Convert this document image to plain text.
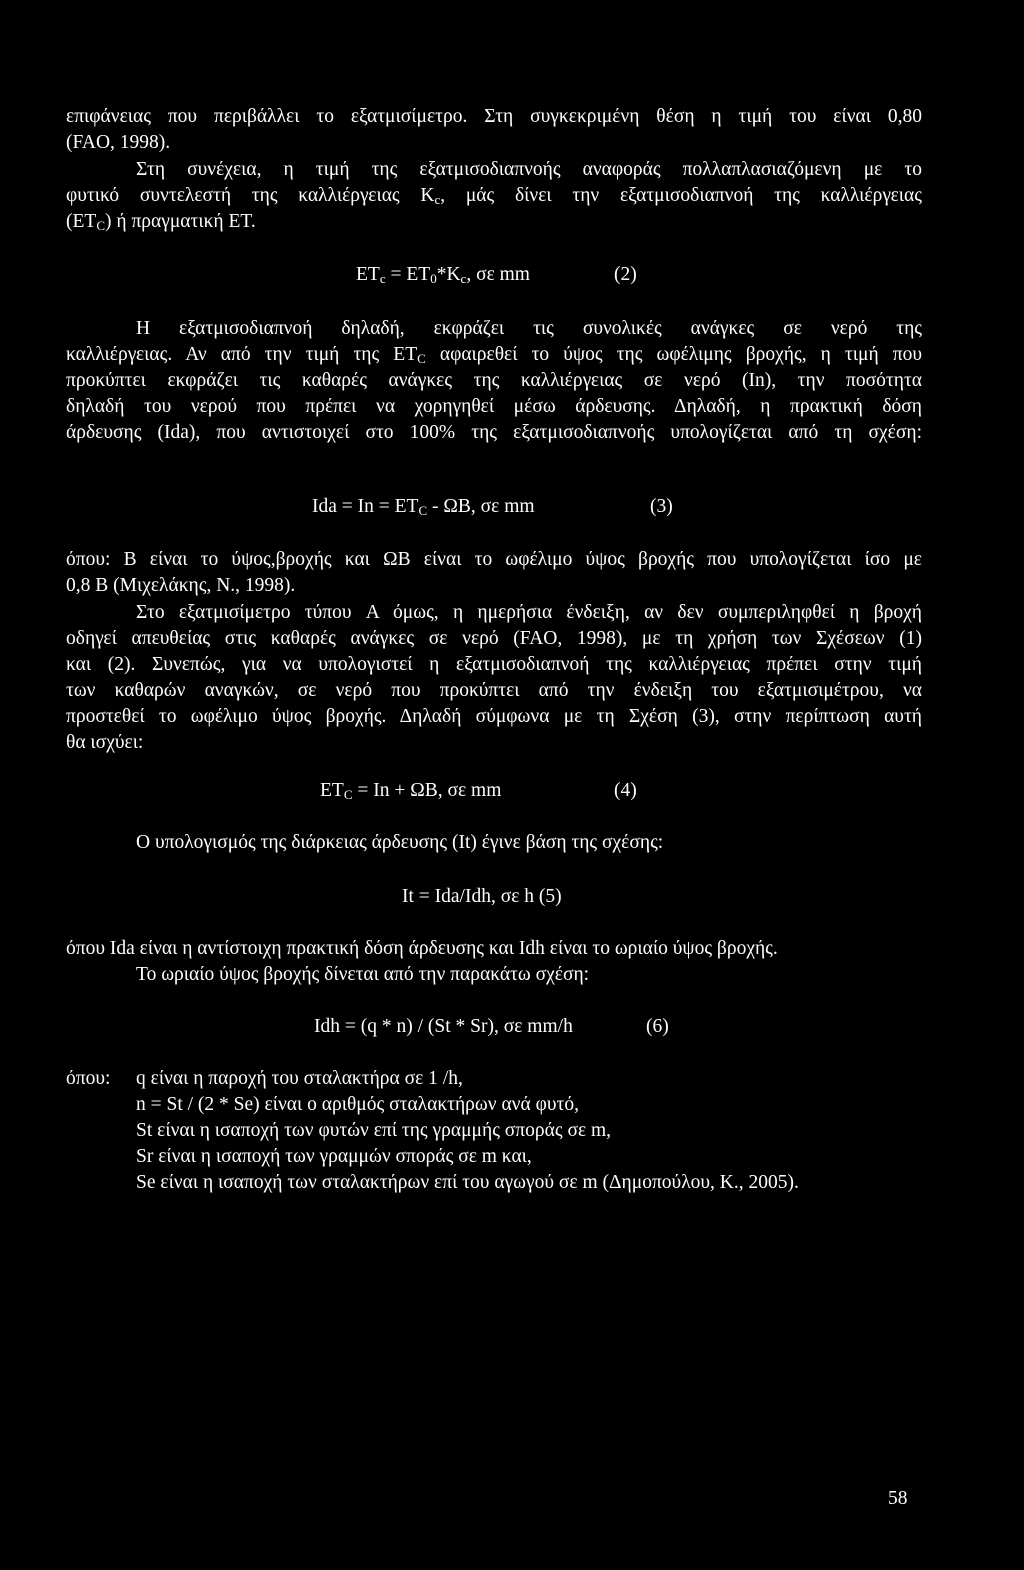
επιφάνειας που περιβάλλει το εξατμισίμετρο. Στη συγκεκριμένη θέση η τιμή του είναι 0,80
(FAO, 1998).
Στη συνέχεια, η τιμή της εξατμισοδιαπνοής αναφοράς πολλαπλασιαζόμενη με το
φυτικό συντελεστή της καλλιέργειας $K_c$, μάς δίνει την εξατμισοδιαπνοή της καλλιέργειας
$(ET_C)$ ή πραγματική ET.
$ET_c = ET_0*K_c$, σε mm	(2)
Η εξατμισοδιαπνοή δηλαδή, εκφράζει τις συνολικές ανάγκες σε νερό της
καλλιέργειας. Αν από την τιμή της $ET_C$ αφαιρεθεί το ύψος της ωφέλιμης βροχής, η τιμή που
προκύπτει εκφράζει τις καθαρές ανάγκες της καλλιέργειας σε νερό (In), την ποσότητα
δηλαδή του νερού που πρέπει να χορηγηθεί μέσω άρδευσης. Δηλαδή, η πρακτική δόση
άρδευσης (Ida), που αντιστοιχεί στο 100% της εξατμισοδιαπνοής υπολογίζεται από τη σχέση:
Ida = $In = ET_C - \Omega B$, σε mm	(3)
όπου: B είναι το ύψος,βροχής και ΩB είναι το ωφέλιμο ύψος βροχής που υπολογίζεται ίσο με
0,8 B (Μιχελάκης, Ν., 1998).
Στο εξατμισίμετρο τύπου A όμως, η ημερήσια ένδειξη, αν δεν συμπεριληφθεί η βροχή
οδηγεί απευθείας στις καθαρές ανάγκες σε νερό (FAO, 1998), με τη χρήση των Σχέσεων (1)
και (2). Συνεπώς, για να υπολογιστεί η εξατμισοδιαπνοή της καλλιέργειας πρέπει στην τιμή
των καθαρών αναγκών, σε νερό που προκύπτει από την ένδειξη του εξατμισιμέτρου, να
προστεθεί το ωφέλιμο ύψος βροχής. Δηλαδή σύμφωνα με τη Σχέση (3), στην περίπτωση αυτή
θα ισχύει:
$ET_C = In + \Omega B$, σε mm	(4)
Ο υπολογισμός της διάρκειας άρδευσης (It) έγινε βάση της σχέσης:
It = Ida/Idh, σε h (5)
όπου Ida είναι η αντίστοιχη πρακτική δόση άρδευσης και Idh είναι το ωριαίο ύψος βροχής.
Το ωριαίο ύψος βροχής δίνεται από την παρακάτω σχέση:
Idh = (q * n) / (St * Sr), σε mm/h	(6)
όπου: q είναι η παροχή του σταλακτήρα σε 1 /h,
n = St / (2 * Se) είναι ο αριθμός σταλακτήρων ανά φυτό,
St είναι η ισαποχή των φυτών επί της γραμμής σποράς σε m,
Sr είναι η ισαποχή των γραμμών σποράς σε m και,
Se είναι η ισαποχή των σταλακτήρων επί του αγωγού σε m (Δημοπούλου, Κ., 2005).
58
